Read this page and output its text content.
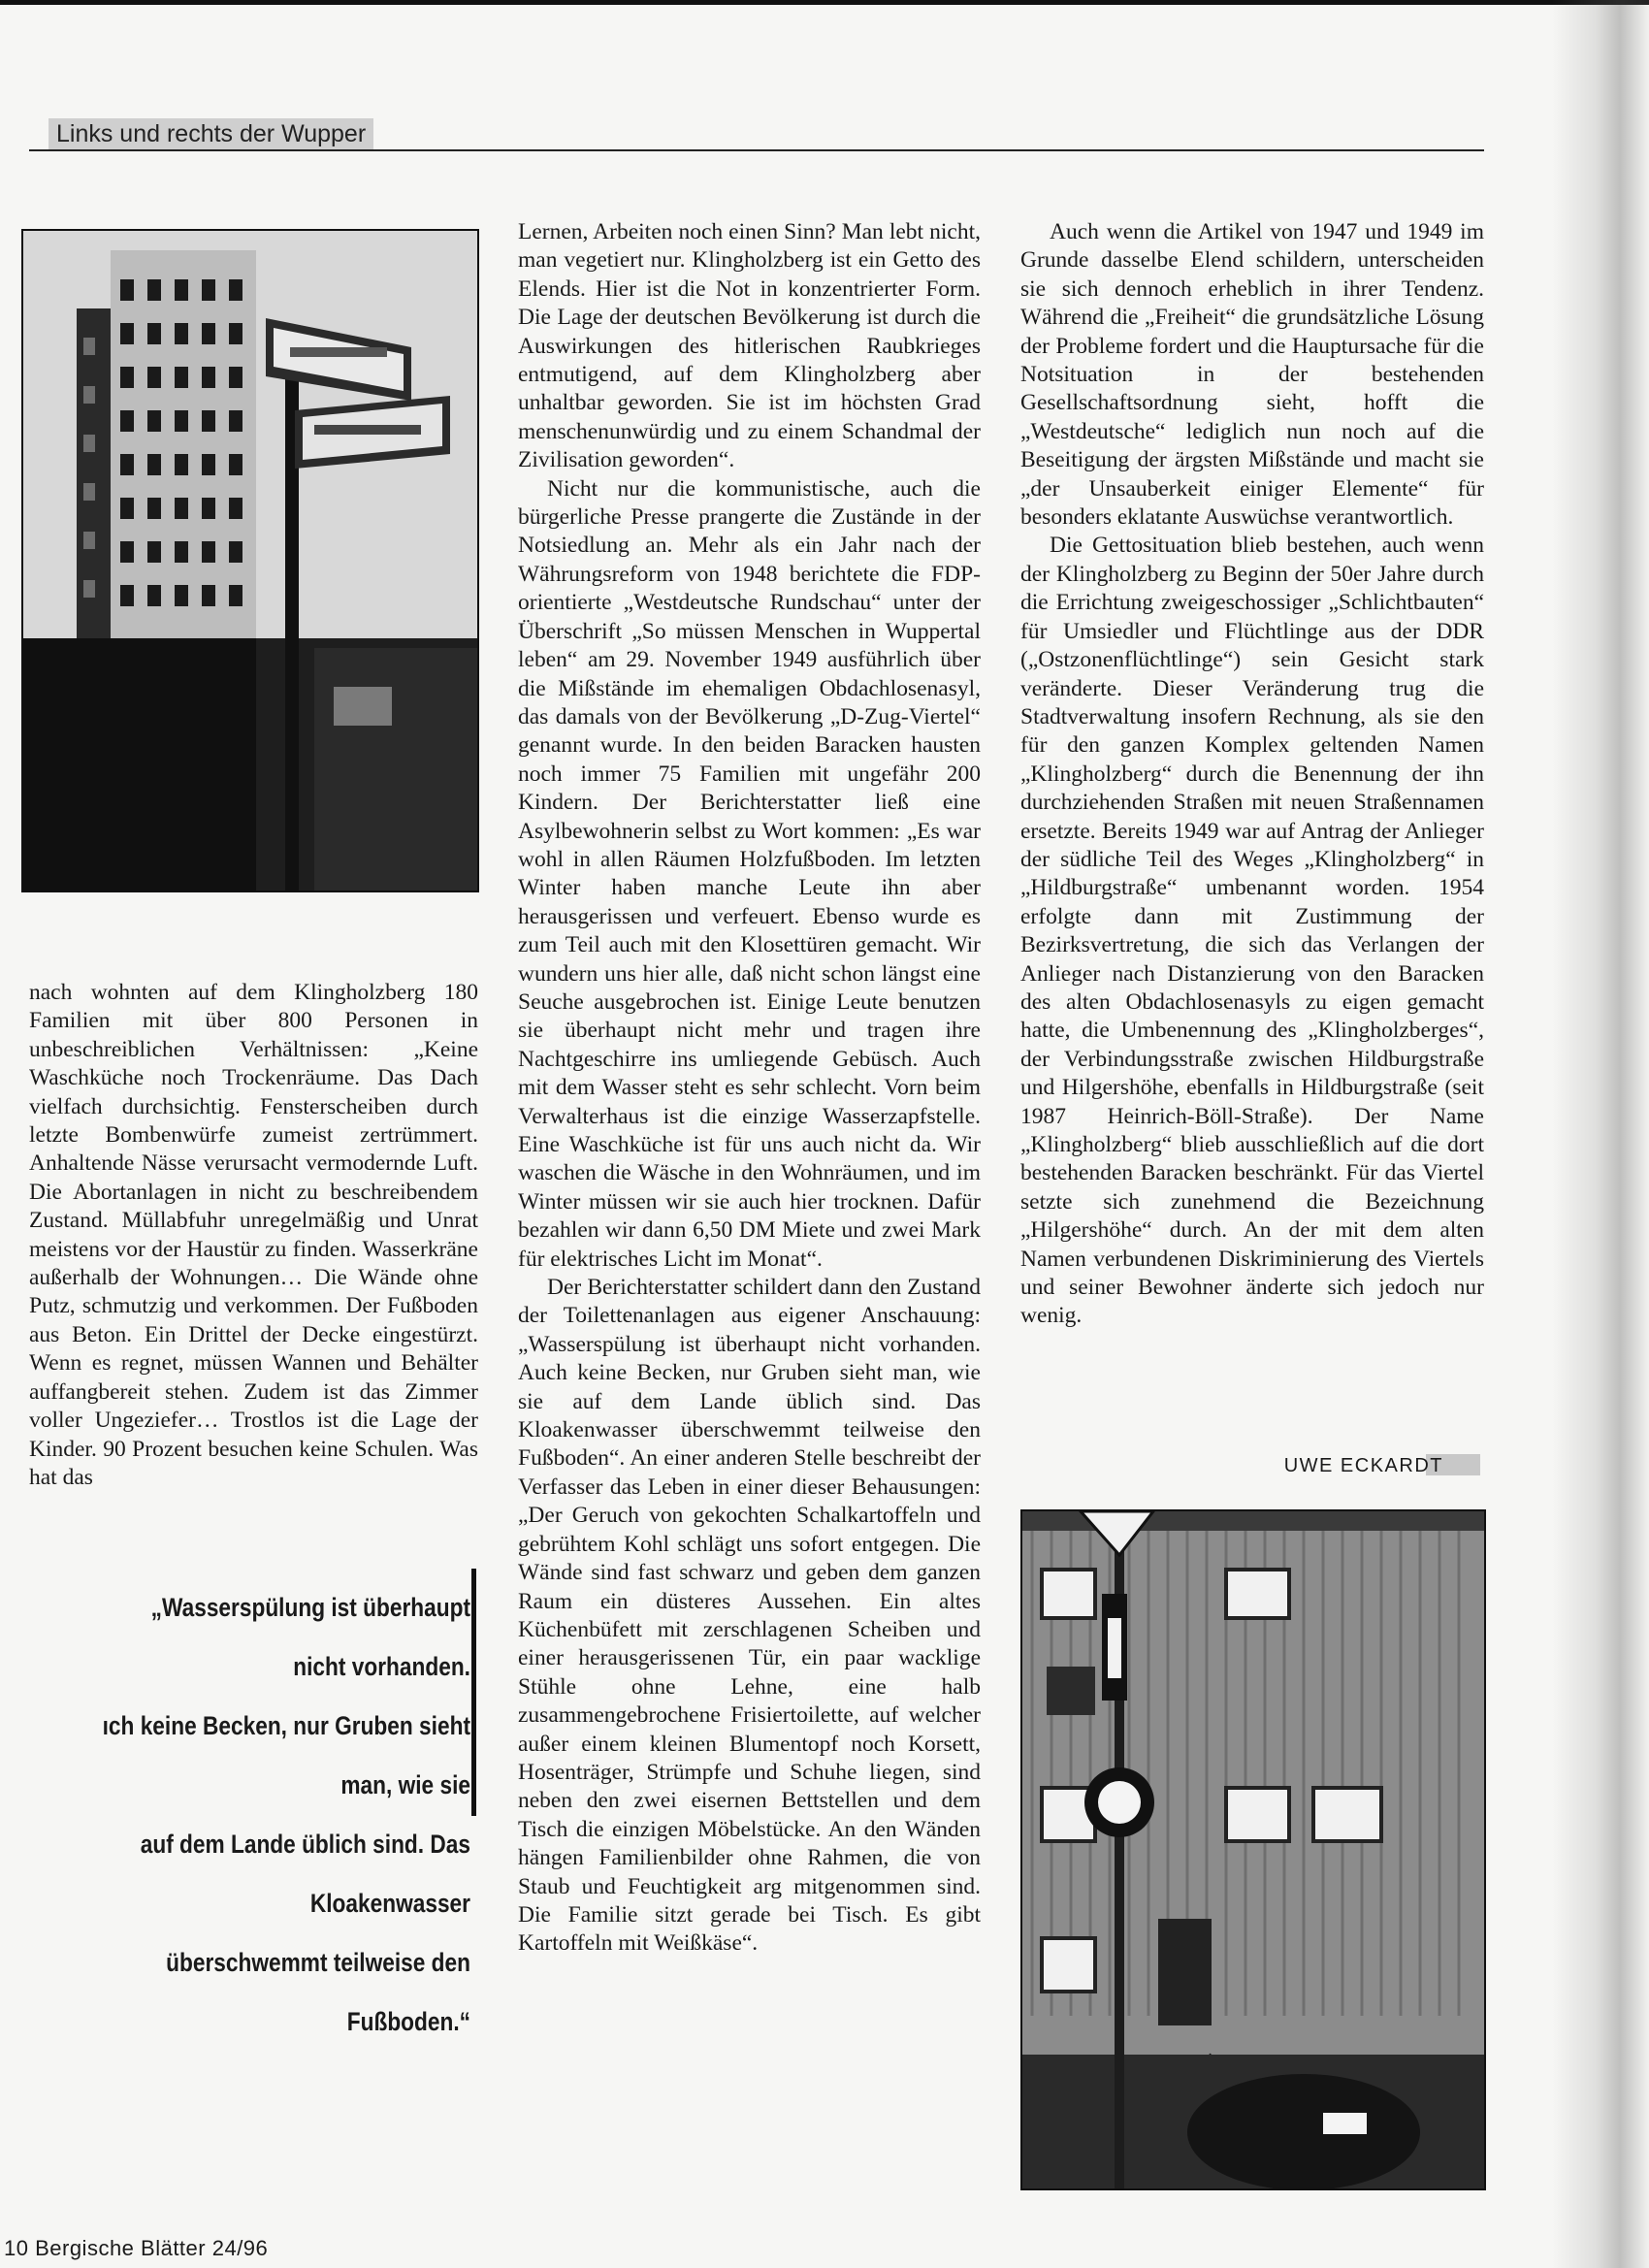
Links und rechts der Wupper

nach wohnten auf dem Klingholzberg 180 Familien mit über 800 Personen in unbeschreiblichen Verhältnissen: „Keine Waschküche noch Trockenräume. Das Dach vielfach durchsichtig. Fensterscheiben durch letzte Bombenwürfe zumeist zertrümmert. Anhaltende Nässe verursacht vermodernde Luft. Die Abortanlagen in nicht zu beschreibendem Zustand. Müllabfuhr unregelmäßig und Unrat meistens vor der Haustür zu finden. Wasserkräne außerhalb der Wohnungen… Die Wände ohne Putz, schmutzig und verkommen. Der Fußboden aus Beton. Ein Drittel der Decke eingestürzt. Wenn es regnet, müssen Wannen und Behälter auffangbereit stehen. Zudem ist das Zimmer voller Ungeziefer… Trostlos ist die Lage der Kinder. 90 Prozent besuchen keine Schulen. Was hat das

„Wasserspülung ist überhaupt nicht vorhanden.
ıch keine Becken, nur Gruben sieht man, wie sie
auf dem Lande üblich sind. Das Kloakenwasser
überschwemmt teilweise den Fußboden.“

Lernen, Arbeiten noch einen Sinn? Man lebt nicht, man vegetiert nur. Klingholzberg ist ein Getto des Elends. Hier ist die Not in konzentrierter Form. Die Lage der deutschen Bevölkerung ist durch die Auswirkungen des hitlerischen Raubkrieges entmutigend, auf dem Klingholzberg aber unhaltbar geworden. Sie ist im höchsten Grad menschenunwürdig und zu einem Schandmal der Zivilisation geworden“.

Nicht nur die kommunistische, auch die bürgerliche Presse prangerte die Zustände in der Notsiedlung an. Mehr als ein Jahr nach der Währungsreform von 1948 berichtete die FDP-orientierte „Westdeutsche Rundschau“ unter der Überschrift „So müssen Menschen in Wuppertal leben“ am 29. November 1949 ausführlich über die Mißstände im ehemaligen Obdachlosenasyl, das damals von der Bevölkerung „D-Zug-Viertel“ genannt wurde. In den beiden Baracken hausten noch immer 75 Familien mit ungefähr 200 Kindern. Der Berichterstatter ließ eine Asylbewohnerin selbst zu Wort kommen: „Es war wohl in allen Räumen Holzfußboden. Im letzten Winter haben manche Leute ihn aber herausgerissen und verfeuert. Ebenso wurde es zum Teil auch mit den Klosettüren gemacht. Wir wundern uns hier alle, daß nicht schon längst eine Seuche ausgebrochen ist. Einige Leute benutzen sie überhaupt nicht mehr und tragen ihre Nachtgeschirre ins umliegende Gebüsch. Auch mit dem Wasser steht es sehr schlecht. Vorn beim Verwalterhaus ist die einzige Wasserzapfstelle. Eine Waschküche ist für uns auch nicht da. Wir waschen die Wäsche in den Wohnräumen, und im Winter müssen wir sie auch hier trocknen. Dafür bezahlen wir dann 6,50 DM Miete und zwei Mark für elektrisches Licht im Monat“.

Der Berichterstatter schildert dann den Zustand der Toilettenanlagen aus eigener Anschauung: „Wasserspülung ist überhaupt nicht vorhanden. Auch keine Becken, nur Gruben sieht man, wie sie auf dem Lande üblich sind. Das Kloakenwasser überschwemmt teilweise den Fußboden“. An einer anderen Stelle beschreibt der Verfasser das Leben in einer dieser Behausungen: „Der Geruch von gekochten Schalkartoffeln und gebrühtem Kohl schlägt uns sofort entgegen. Die Wände sind fast schwarz und geben dem ganzen Raum ein düsteres Aussehen. Ein altes Küchenbüfett mit zerschlagenen Scheiben und einer herausgerissenen Tür, ein paar wacklige Stühle ohne Lehne, eine halb zusammengebrochene Frisiertoilette, auf welcher außer einem kleinen Blumentopf noch Korsett, Hosenträger, Strümpfe und Schuhe liegen, sind neben den zwei eisernen Bettstellen und dem Tisch die einzigen Möbelstücke. An den Wänden hängen Familienbilder ohne Rahmen, die von Staub und Feuchtigkeit arg mitgenommen sind. Die Familie sitzt gerade bei Tisch. Es gibt Kartoffeln mit Weißkäse“.

Auch wenn die Artikel von 1947 und 1949 im Grunde dasselbe Elend schildern, unterscheiden sie sich dennoch erheblich in ihrer Tendenz. Während die „Freiheit“ die grundsätzliche Lösung der Probleme fordert und die Hauptursache für die Notsituation in der bestehenden Gesellschaftsordnung sieht, hofft die „Westdeutsche“ lediglich nun noch auf die Beseitigung der ärgsten Mißstände und macht sie „der Unsauberkeit einiger Elemente“ für besonders eklatante Auswüchse verantwortlich.

Die Gettosituation blieb bestehen, auch wenn der Klingholzberg zu Beginn der 50er Jahre durch die Errichtung zweigeschossiger „Schlichtbauten“ für Umsiedler und Flüchtlinge aus der DDR („Ostzonenflüchtlinge“) sein Gesicht stark veränderte. Dieser Veränderung trug die Stadtverwaltung insofern Rechnung, als sie den für den ganzen Komplex geltenden Namen „Klingholzberg“ durch die Benennung der ihn durchziehenden Straßen mit neuen Straßennamen ersetzte. Bereits 1949 war auf Antrag der Anlieger der südliche Teil des Weges „Klingholzberg“ in „Hildburgstraße“ umbenannt worden. 1954 erfolgte dann mit Zustimmung der Bezirksvertretung, die sich das Verlangen der Anlieger nach Distanzierung von den Baracken des alten Obdachlosenasyls zu eigen gemacht hatte, die Umbenennung des „Klingholzberges“, der Verbindungsstraße zwischen Hildburgstraße und Hilgershöhe, ebenfalls in Hildburgstraße (seit 1987 Heinrich-Böll-Straße). Der Name „Klingholzberg“ blieb ausschließlich auf die dort bestehenden Baracken beschränkt. Für das Viertel setzte sich zunehmend die Bezeichnung „Hilgershöhe“ durch. An der mit dem alten Namen verbundenen Diskriminierung des Viertels und seiner Bewohner änderte sich jedoch nur wenig.

UWE ECKARDT
10 Bergische Blätter 24/96
